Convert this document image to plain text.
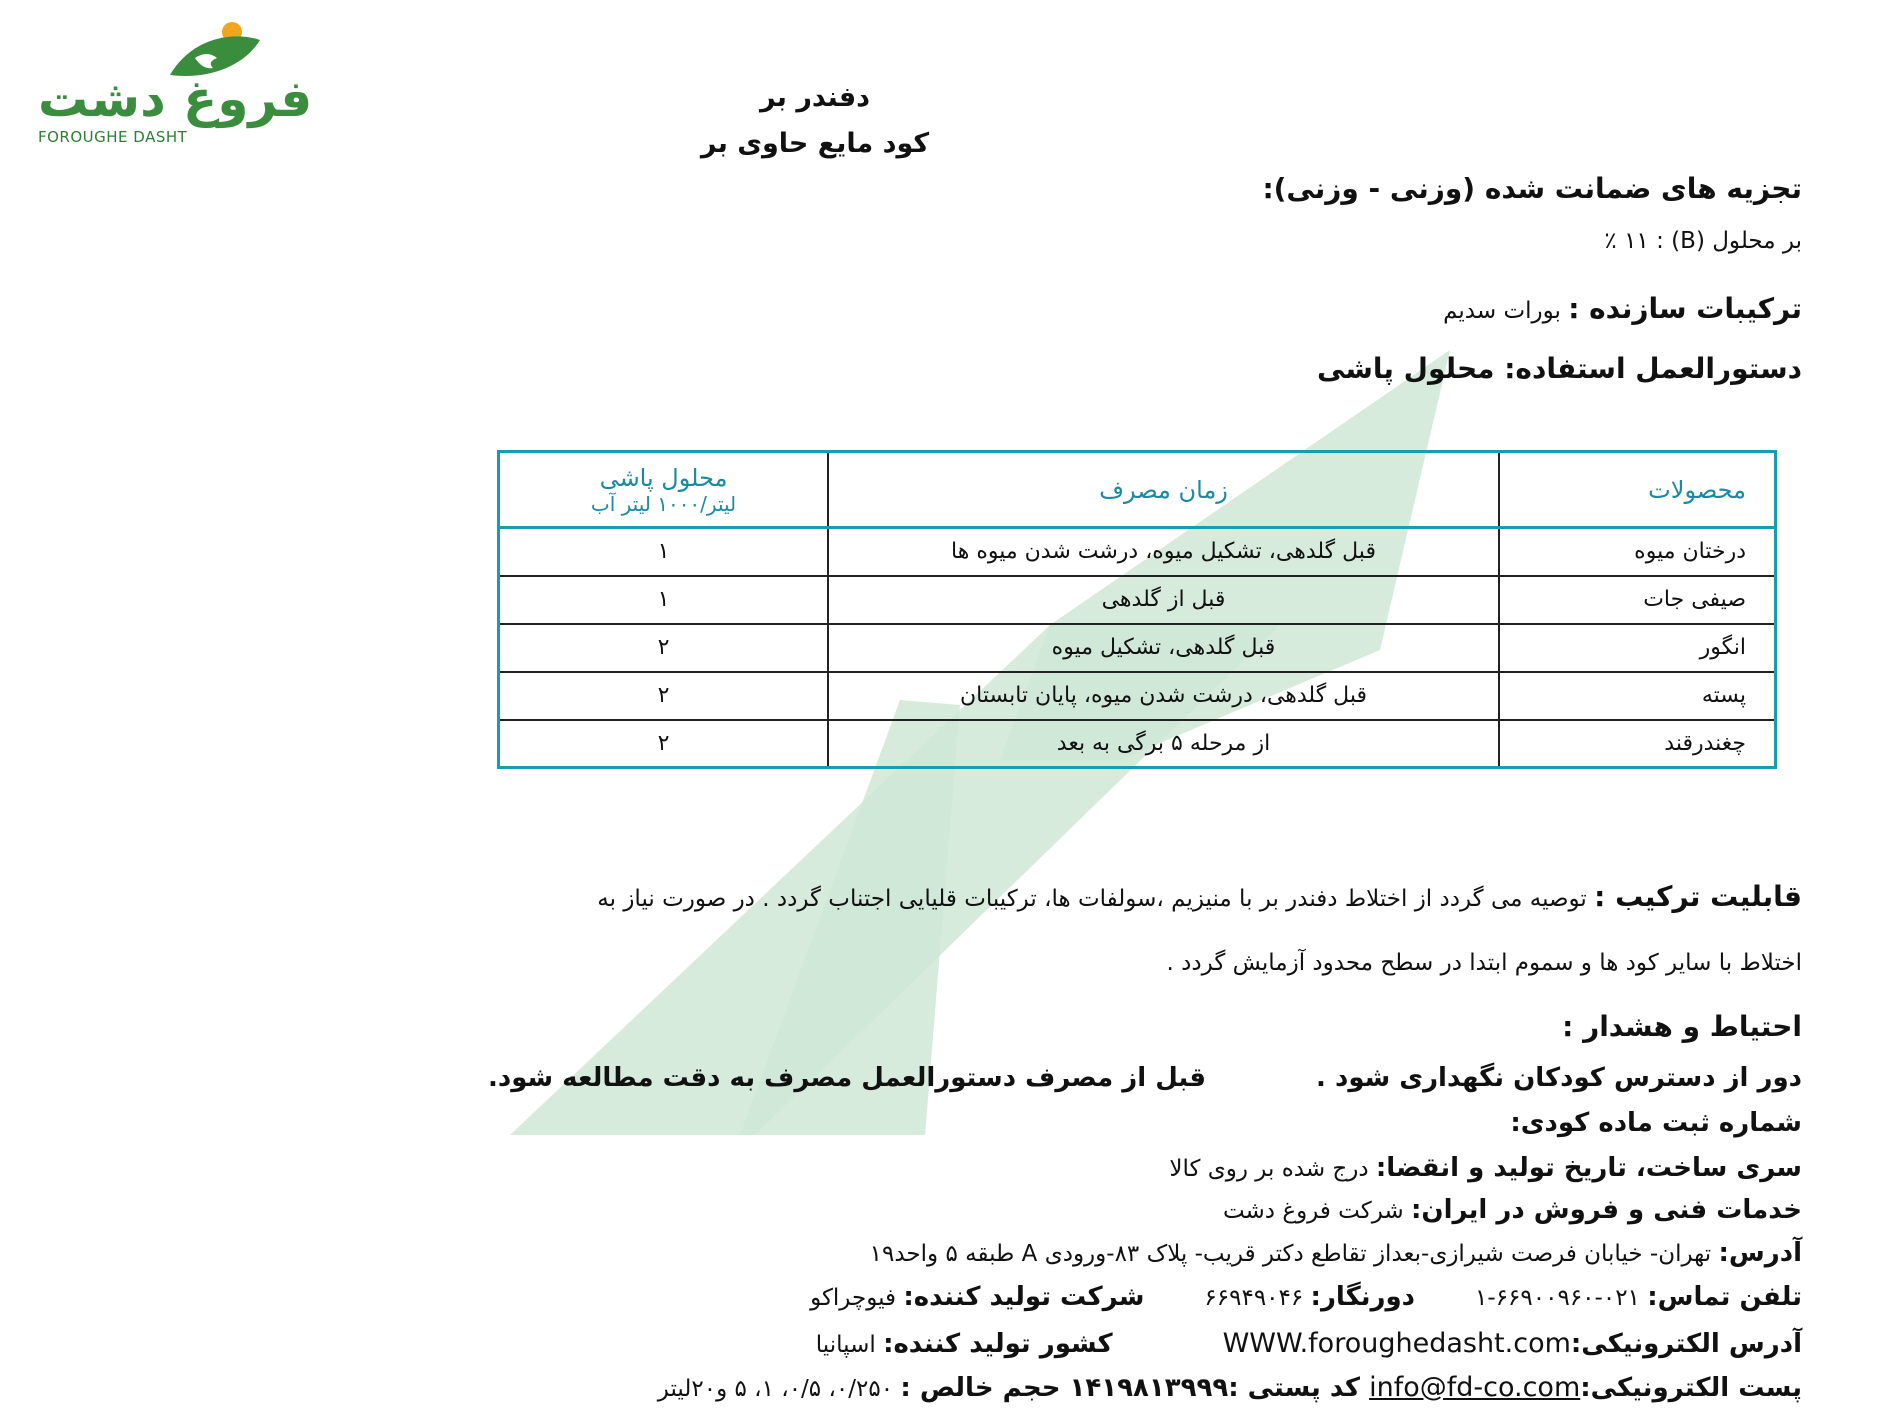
فروغ دشت
FOROUGHE DASHT
دفندر بر
کود مایع حاوی بر
تجزیه های ضمانت شده (وزنی - وزنی):
بر محلول (B) : ۱۱ ٪
ترکیبات سازنده : بورات سدیم
دستورالعمل استفاده: محلول پاشی
محصولات	زمان مصرف	محلول پاشی
لیتر/۱۰۰۰ لیتر آب

درختان میوه	قبل گلدهی، تشکیل میوه، درشت شدن میوه ها	۱
صیفی جات	قبل از گلدهی	۱
انگور	قبل گلدهی، تشکیل میوه	۲
پسته	قبل گلدهی، درشت شدن میوه، پایان تابستان	۲
چغندرقند	از مرحله ۵ برگی به بعد	۲
قابلیت ترکیب : توصیه می گردد از اختلاط دفندر بر با منیزیم ،سولفات ها، ترکیبات قلیایی اجتناب گردد . در صورت نیاز به
اختلاط با سایر کود ها و سموم ابتدا در سطح محدود آزمایش گردد .
احتیاط و هشدار :
دور از دسترس کودکان نگهداری شود .قبل از مصرف دستورالعمل مصرف به دقت مطالعه شود.
شماره ثبت ماده کودی:
سری ساخت، تاریخ تولید و انقضا: درج شده بر روی کالا
خدمات فنی و فروش در ایران: شرکت فروغ دشت
آدرس: تهران- خیابان فرصت شیرازی-بعداز تقاطع دکتر قریب- پلاک ۸۳-ورودی A طبقه ۵ واحد۱۹
تلفن تماس: ۰۲۱-۶۶۹۰۰۹۶۰-۱دورنگار: ۶۶۹۴۹۰۴۶شرکت تولید کننده: فیوچراکو
آدرس الکترونیکی:WWW.foroughedasht.comکشور تولید کننده: اسپانیا
پست الکترونیکی:info@fd-co.com کد پستی :۱۴۱۹۸۱۳۹۹۹ حجم خالص : ۰/۲۵۰، ۰/۵، ۱، ۵ و۲۰لیتر
